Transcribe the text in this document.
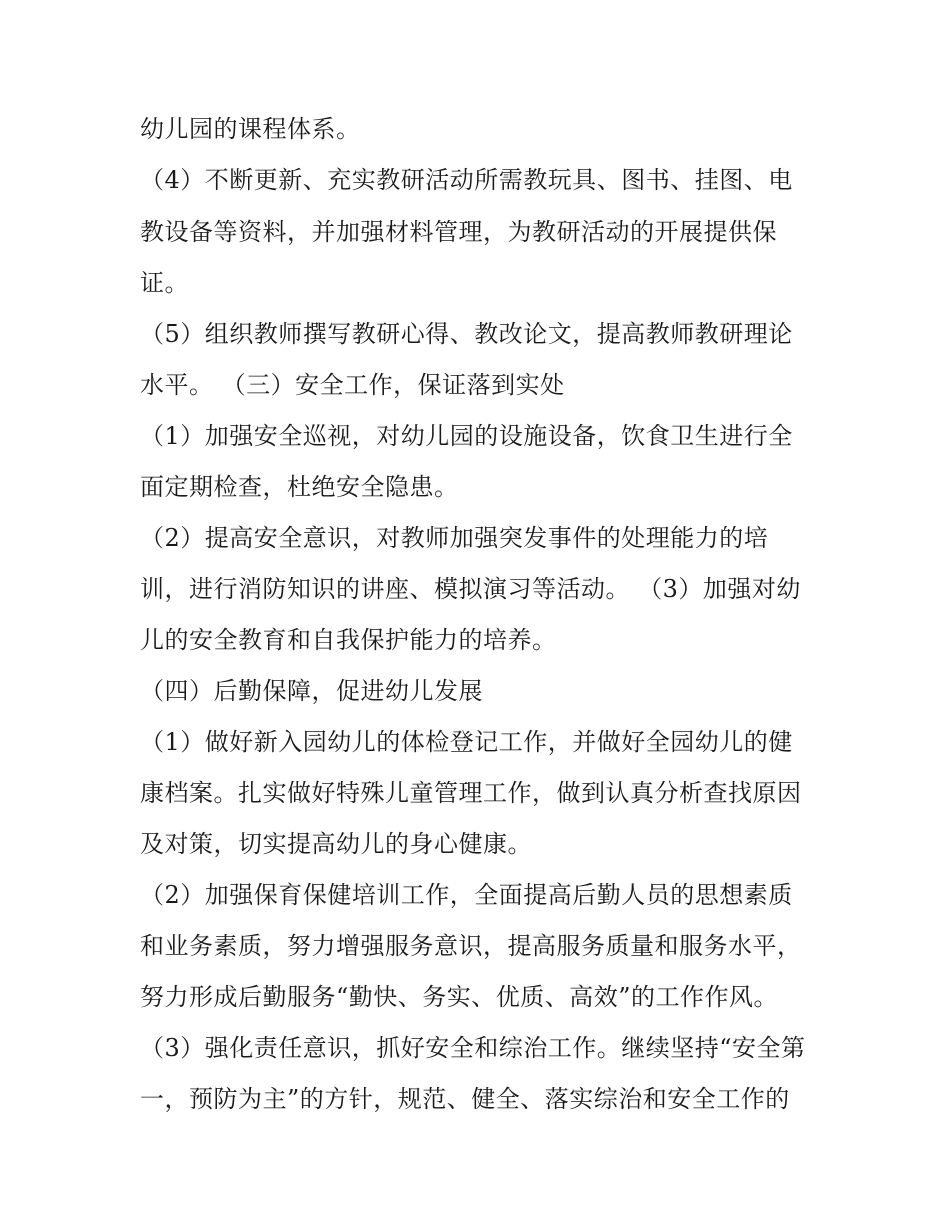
幼儿园的课程体系。
（4）不断更新、充实教研活动所需教玩具、图书、挂图、电
教设备等资料，并加强材料管理，为教研活动的开展提供保
证。
（5）组织教师撰写教研心得、教改论文，提高教师教研理论
水平。 （三）安全工作，保证落到实处
（1）加强安全巡视，对幼儿园的设施设备，饮食卫生进行全
面定期检查，杜绝安全隐患。
（2）提高安全意识，对教师加强突发事件的处理能力的培
训，进行消防知识的讲座、模拟演习等活动。 （3）加强对幼
儿的安全教育和自我保护能力的培养。
（四）后勤保障，促进幼儿发展
（1）做好新入园幼儿的体检登记工作，并做好全园幼儿的健
康档案。扎实做好特殊儿童管理工作，做到认真分析查找原因
及对策，切实提高幼儿的身心健康。
（2）加强保育保健培训工作，全面提高后勤人员的思想素质
和业务素质，努力增强服务意识，提高服务质量和服务水平，
努力形成后勤服务“勤快、务实、优质、高效”的工作作风。
（3）强化责任意识，抓好安全和综治工作。继续坚持“安全第
一，预防为主”的方针，规范、健全、落实综治和安全工作的
